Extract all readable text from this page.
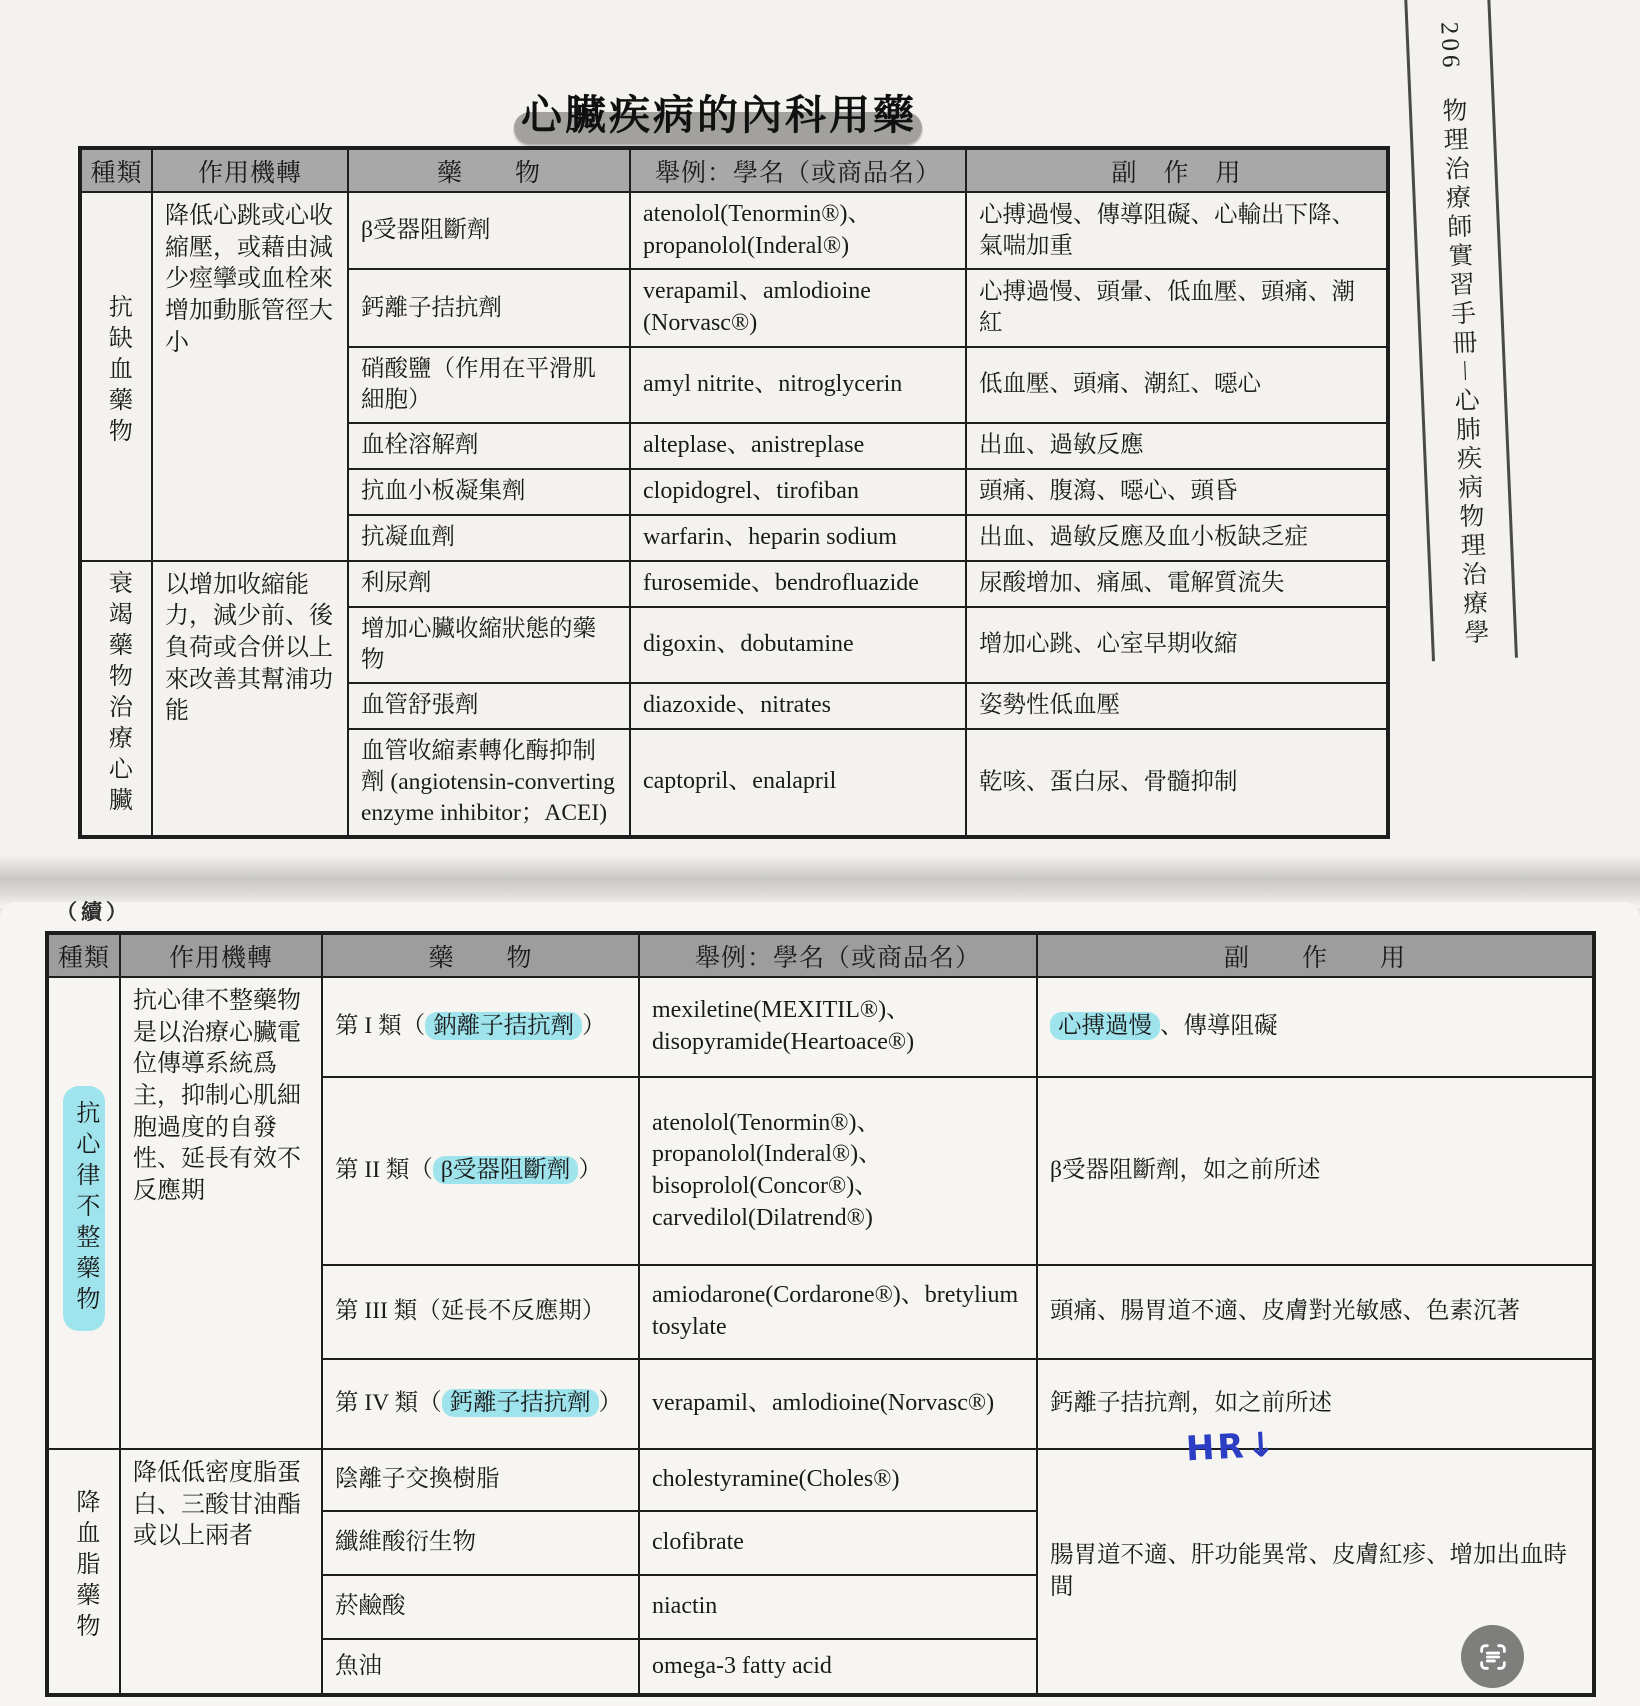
心臟疾病的內科用藥
206物理治療師實習手冊－心肺疾病物理治療學
種類	作用機轉	藥　　物	舉例：學名（或商品名）	副　作　用
抗缺血藥物	降低心跳或心收縮壓，或藉由減少痙攣或血栓來增加動脈管徑大小	β受器阻斷劑	atenolol(Tenormin®)、propanolol(Inderal®)	心搏過慢、傳導阻礙、心輸出下降、氣喘加重
		鈣離子拮抗劑	verapamil、amlodioine (Norvasc®)	心搏過慢、頭暈、低血壓、頭痛、潮紅
		硝酸鹽（作用在平滑肌細胞）	amyl nitrite、nitroglycerin	低血壓、頭痛、潮紅、噁心
		血栓溶解劑	alteplase、anistreplase	出血、過敏反應
		抗血小板凝集劑	clopidogrel、tirofiban	頭痛、腹瀉、噁心、頭昏
		抗凝血劑	warfarin、heparin sodium	出血、過敏反應及血小板缺乏症
衰竭藥物治療心臟	以增加收縮能力，減少前、後負荷或合併以上來改善其幫浦功能	利尿劑	furosemide、bendrofluazide	尿酸增加、痛風、電解質流失
		增加心臟收縮狀態的藥物	digoxin、dobutamine	增加心跳、心室早期收縮
		血管舒張劑	diazoxide、nitrates	姿勢性低血壓
		血管收縮素轉化酶抑制劑 (angiotensin-converting enzyme inhibitor；ACEI)	captopril、enalapril	乾咳、蛋白尿、骨髓抑制
（續）
種類	作用機轉	藥　　物	舉例：學名（或商品名）	副　　作　　用
抗心律不整藥物	抗心律不整藥物是以治療心臟電位傳導系統爲主，抑制心肌細胞過度的自發性、延長有效不反應期	第 I 類（ 鈉離子拮抗劑 ）	mexiletine(MEXITIL®)、disopyramide(Heartoace®)	心搏過慢 、傳導阻礙
		第 II 類（ β受器阻斷劑 ）	atenolol(Tenormin®)、propanolol(Inderal®)、bisoprolol(Concor®)、carvedilol(Dilatrend®)	β受器阻斷劑，如之前所述
		第 III 類（延長不反應期）	amiodarone(Cordarone®)、bretylium tosylate	頭痛、腸胃道不適、皮膚對光敏感、色素沉著
		第 IV 類（ 鈣離子拮抗劑 ）	verapamil、amlodioine(Norvasc®)	鈣離子拮抗劑，如之前所述
HR↓

降血脂藥物	降低低密度脂蛋白、三酸甘油酯或以上兩者	陰離子交換樹脂	cholestyramine(Choles®)	腸胃道不適、肝功能異常、皮膚紅疹、增加出血時間
		纖維酸衍生物	clofibrate	
		菸鹼酸	niactin	
		魚油	omega-3 fatty acid	
